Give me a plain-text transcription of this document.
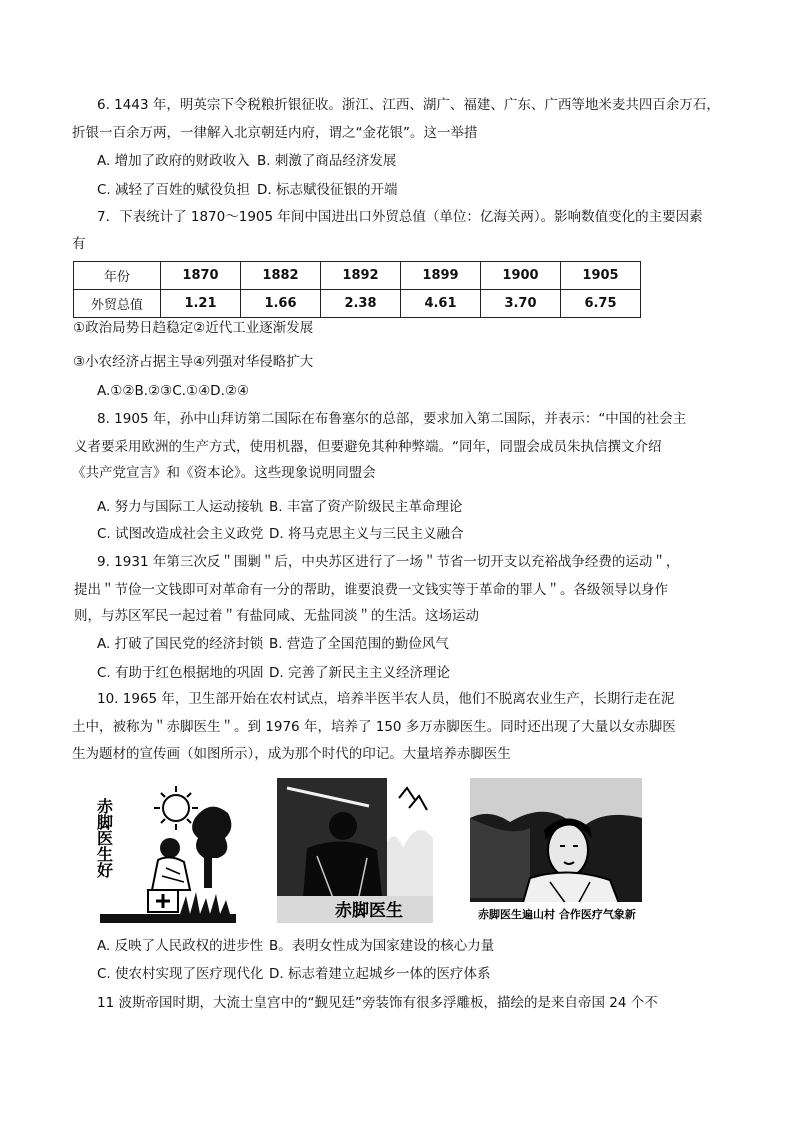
6. 1443 年，明英宗下令税粮折银征收。浙江、江西、湖广、福建、广东、广西等地米麦共四百余万石，
折银一百余万两，一律解入北京朝廷内府，谓之“金花银”。这一举措
A. 增加了政府的财政收入 B. 刺激了商品经济发展
C. 减轻了百姓的赋役负担 D. 标志赋役征银的开端
7．下表统计了 1870～1905 年间中国进出口外贸总值（单位：亿海关两）。影响数值变化的主要因素
有
年份	1870	1882	1892	1899	1900	1905
外贸总值	1.21	1.66	2.38	4.61	3.70	6.75
①政治局势日趋稳定②近代工业逐渐发展
③小农经济占据主导④列强对华侵略扩大
A.①②B.②③C.①④D.②④
8. 1905 年，孙中山拜访第二国际在布鲁塞尔的总部，要求加入第二国际，并表示：“中国的社会主
义者要采用欧洲的生产方式，使用机器，但要避免其种种弊端。“同年，同盟会成员朱执信撰文介绍
《共产党宣言》和《资本论》。这些现象说明同盟会
A. 努力与国际工人运动接轨 B. 丰富了资产阶级民主革命理论
C. 试图改造成社会主义政党 D. 将马克思主义与三民主义融合
9. 1931 年第三次反＂围剿＂后，中央苏区进行了一场＂节省一切开支以充裕战争经费的运动＂，
提出＂节俭一文钱即可对革命有一分的帮助，谁要浪费一文钱实等于革命的罪人＂。各级领导以身作
则，与苏区军民一起过着＂有盐同咸、无盐同淡＂的生活。这场运动
A. 打破了国民党的经济封锁 B. 营造了全国范围的勤俭风气
C. 有助于红色根据地的巩固 D. 完善了新民主主义经济理论
10. 1965 年，卫生部开始在农村试点，培养半医半农人员，他们不脱离农业生产，长期行走在泥
土中，被称为＂赤脚医生＂。到 1976 年，培养了 150 多万赤脚医生。同时还出现了大量以女赤脚医
生为题材的宣传画（如图所示），成为那个时代的印记。大量培养赤脚医生
赤脚医生好
赤脚医生	赤脚医生遍山村 合作医疗气象新
A. 反映了人民政权的进步性 B。表明女性成为国家建设的核心力量
C. 使农村实现了医疗现代化 D. 标志着建立起城乡一体的医疗体系
11 波斯帝国时期，大流士皇宫中的“觐见廷”旁装饰有很多浮雕板，描绘的是来自帝国 24 个不
